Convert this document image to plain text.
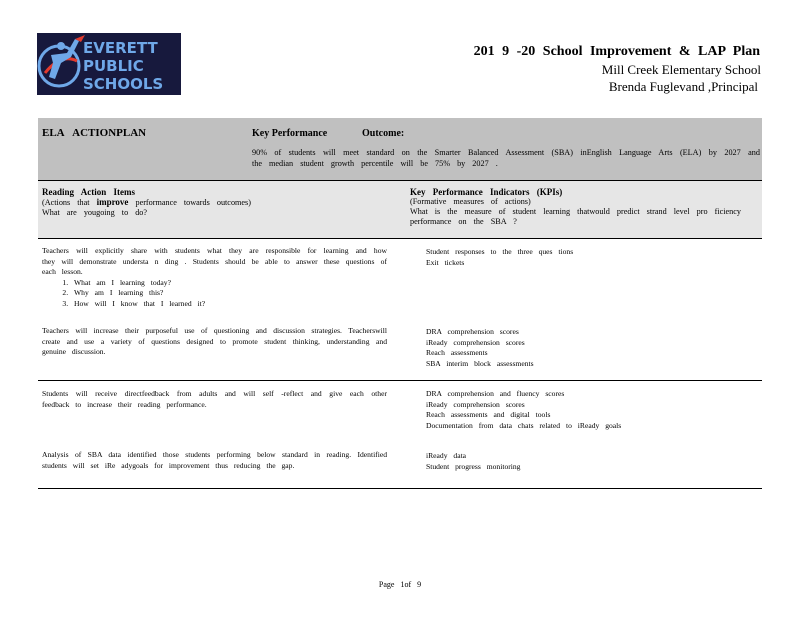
EVERETT
PUBLIC
SCHOOLS
201 9 -20 School Improvement & LAP Plan
Mill Creek Elementary School
Brenda Fuglevand ,Principal
ELA ACTIONPLAN	Key Performance	Outcome:
90% of students will meet standard on the Smarter Balanced Assessment (SBA) inEnglish Language Arts (ELA) by 2027 and the median student growth percentile will be 75% by 2027 .
Reading Action Items
(Actions that improve performance towards outcomes)
What are yougoing to do?
Key Performance Indicators (KPIs)
(Formative measures of actions)
What is the measure of student learning thatwould predict strand level pro ficiency performance on the SBA ?
Teachers will explicitly share with students what they are responsible for learning and how they will demonstrate understa n ding . Students should be able to answer these questions of each lesson.
1. What am I learning today?
2. Why am I learning this?
3. How will I know that I learned it?
Student responses to the three ques tions
Exit tickets
Teachers will increase their purposeful use of questioning and discussion strategies. Teacherswill create and use a variety of questions designed to promote student thinking, understanding and genuine discussion.
DRA comprehension scores
iReady comprehension scores
Reach assessments
SBA interim block assessments
Students will receive directfeedback from adults and will self -reflect and give each other feedback to increase their reading performance.
DRA comprehension and fluency scores
iReady comprehension scores
Reach assessments and digital tools
Documentation from data chats related to iReady goals
Analysis of SBA data identified those students performing below standard in reading. Identified students will set iRe adygoals for improvement thus reducing the gap.
iReady data
Student progress monitoring
Page 1of 9
